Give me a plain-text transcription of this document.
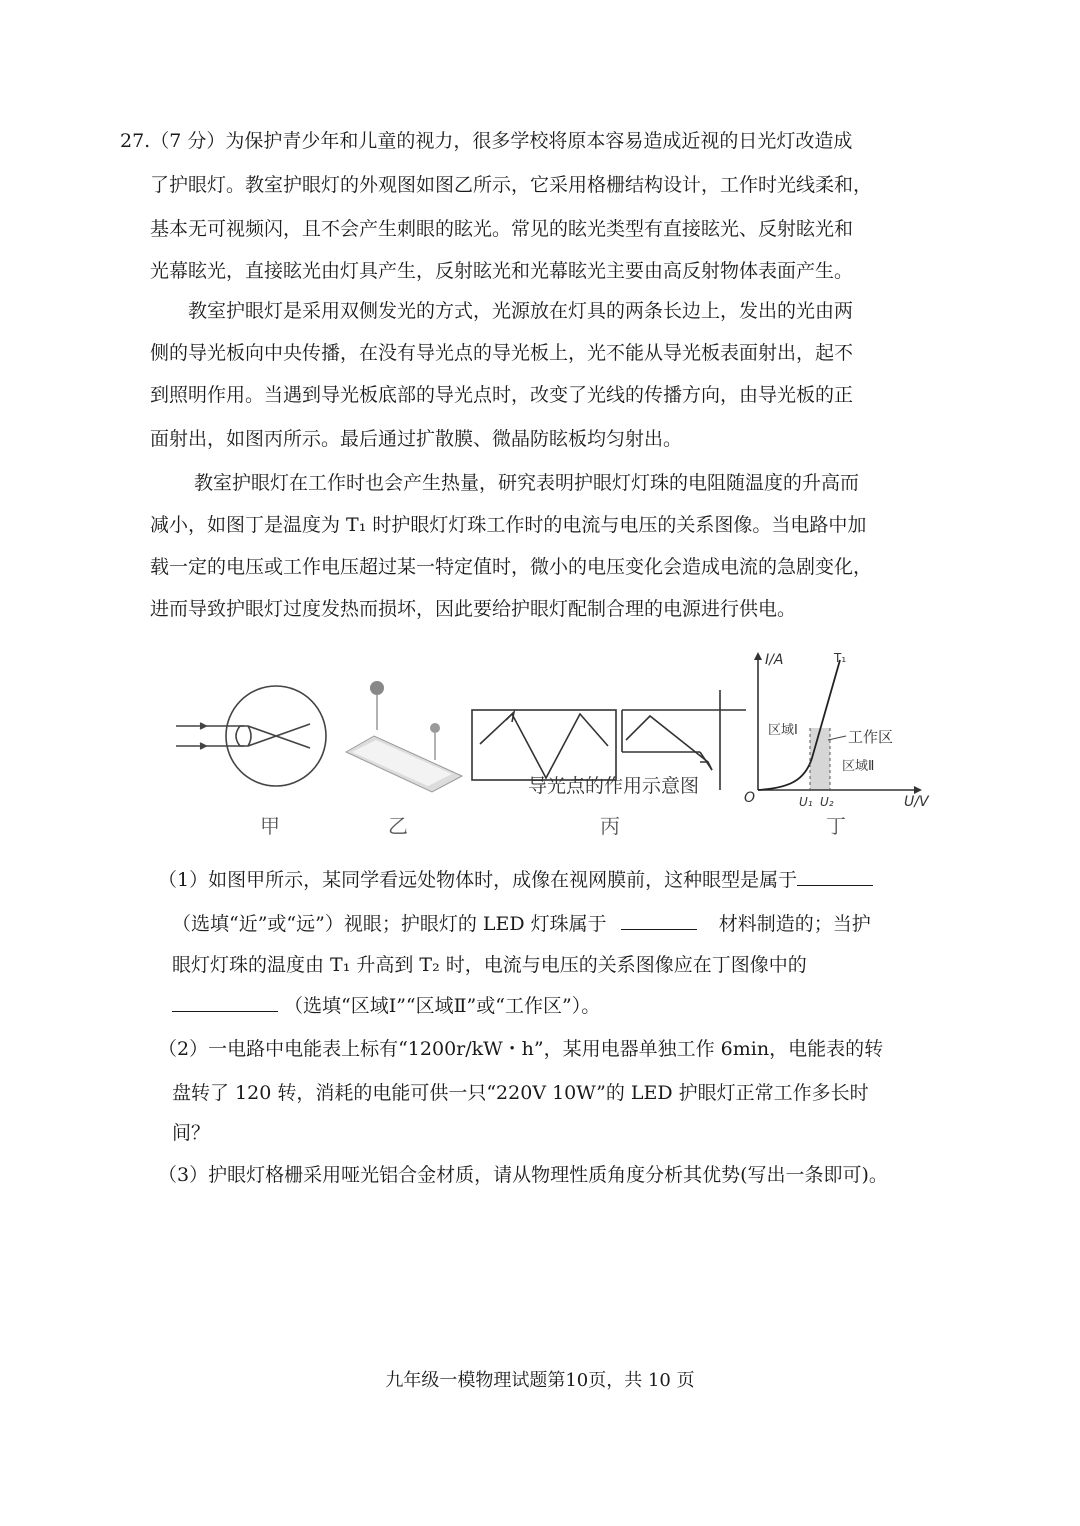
27.（7 分）为保护青少年和儿童的视力，很多学校将原本容易造成近视的日光灯改造成
了护眼灯。教室护眼灯的外观图如图乙所示，它采用格栅结构设计，工作时光线柔和，
基本无可视频闪，且不会产生刺眼的眩光。常见的眩光类型有直接眩光、反射眩光和
光幕眩光，直接眩光由灯具产生，反射眩光和光幕眩光主要由高反射物体表面产生。
教室护眼灯是采用双侧发光的方式，光源放在灯具的两条长边上，发出的光由两
侧的导光板向中央传播，在没有导光点的导光板上，光不能从导光板表面射出，起不
到照明作用。当遇到导光板底部的导光点时，改变了光线的传播方向，由导光板的正
面射出，如图丙所示。最后通过扩散膜、微晶防眩板均匀射出。
教室护眼灯在工作时也会产生热量，研究表明护眼灯灯珠的电阻随温度的升高而
减小，如图丁是温度为 T₁ 时护眼灯灯珠工作时的电流与电压的关系图像。当电路中加
载一定的电压或工作电压超过某一特定值时，微小的电压变化会造成电流的急剧变化，
进而导致护眼灯过度发热而损坏，因此要给护眼灯配制合理的电源进行供电。
导光点的作用示意图
I/A	T₁
区域Ⅰ	工作区
区域Ⅱ
O	U₁ U₂	U/V
甲	乙	丙	丁
（1）如图甲所示，某同学看远处物体时，成像在视网膜前，这种眼型是属于
（选填“近”或“远”）视眼；护眼灯的 LED 灯珠属于	材料制造的；当护
眼灯灯珠的温度由 T₁ 升高到 T₂ 时，电流与电压的关系图像应在丁图像中的
（选填“区域Ⅰ”“区域Ⅱ”或“工作区”）。
（2）一电路中电能表上标有“1200r/kW・h”，某用电器单独工作 6min，电能表的转
盘转了 120 转，消耗的电能可供一只“220V 10W”的 LED 护眼灯正常工作多长时
间？
（3）护眼灯格栅采用哑光铝合金材质，请从物理性质角度分析其优势(写出一条即可)。
九年级一模物理试题第10页，共 10 页
